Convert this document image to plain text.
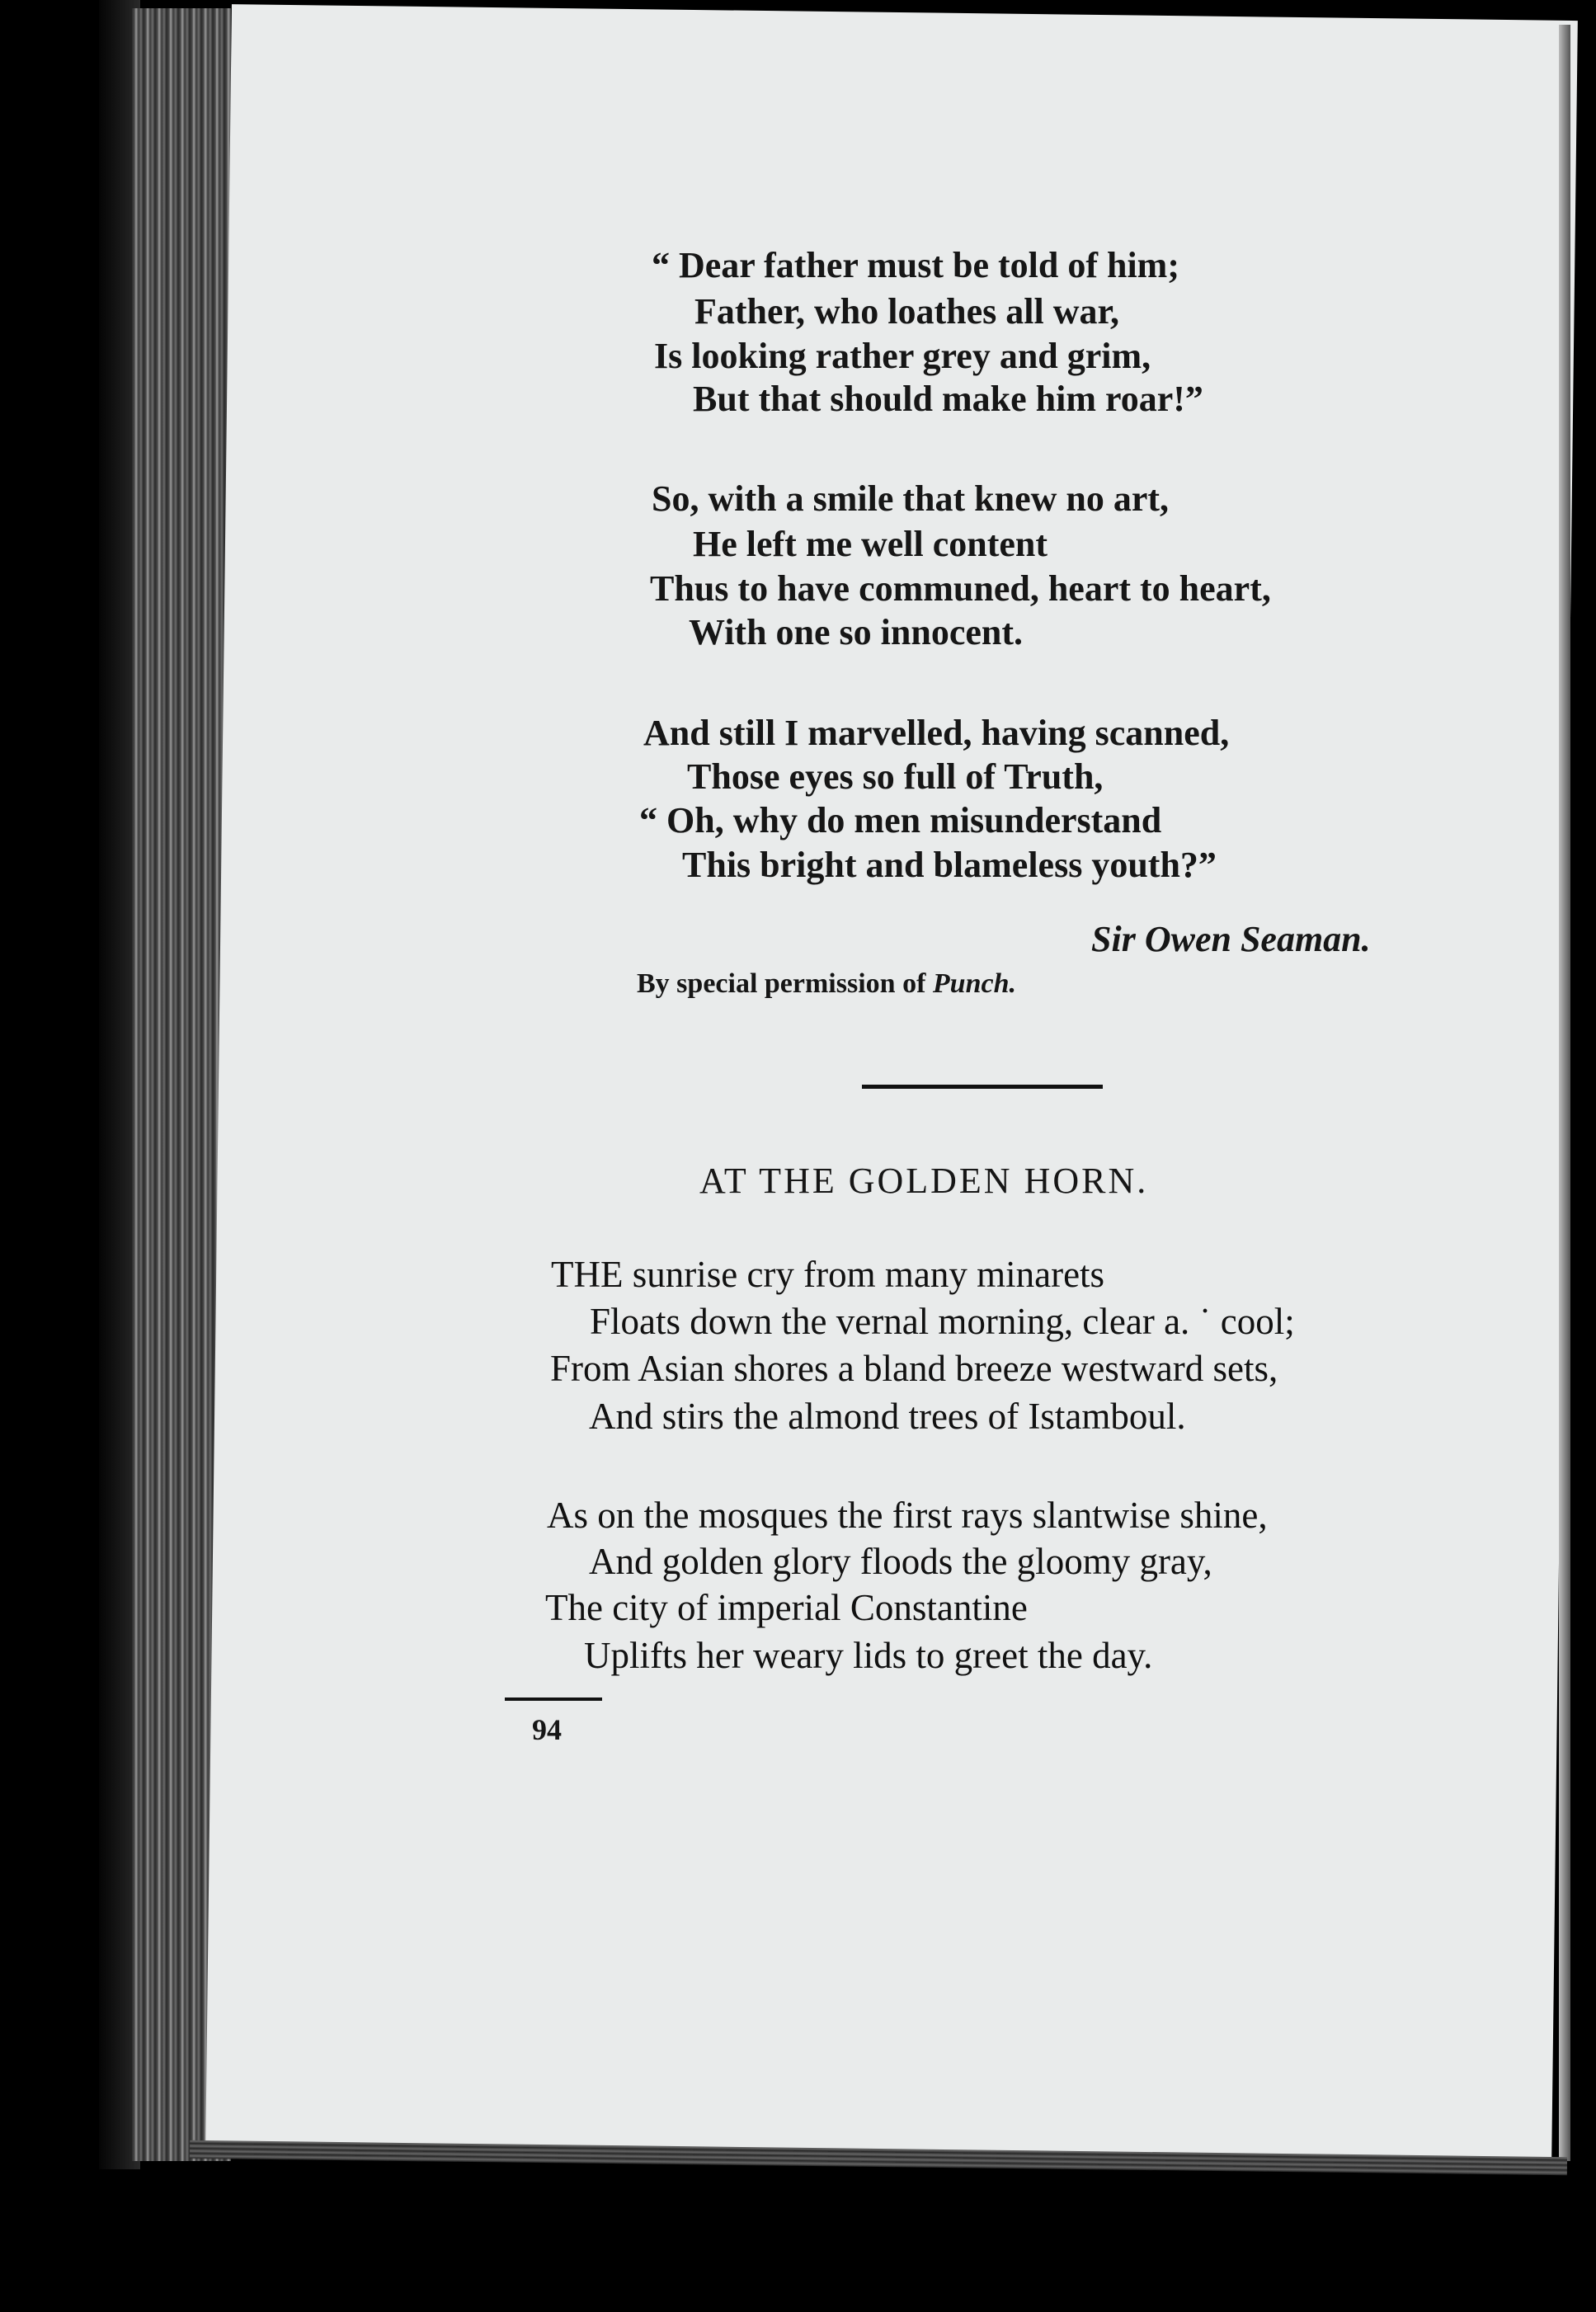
“ Dear father must be told of him;
Father, who loathes all war,
Is looking rather grey and grim,
But that should make him roar!”
So, with a smile that knew no art,
He left me well content
Thus to have communed, heart to heart,
With one so innocent.
And still I marvelled, having scanned,
Those eyes so full of Truth,
“ Oh, why do men misunderstand
This bright and blameless youth?”
Sir Owen Seaman.
By special permission of Punch.
AT THE GOLDEN HORN.
THE sunrise cry from many minarets
Floats down the vernal morning, clear a. ˙ cool;
From Asian shores a bland breeze westward sets,
And stirs the almond trees of Istamboul.
As on the mosques the first rays slantwise shine,
And golden glory floods the gloomy gray,
The city of imperial Constantine
Uplifts her weary lids to greet the day.
94
